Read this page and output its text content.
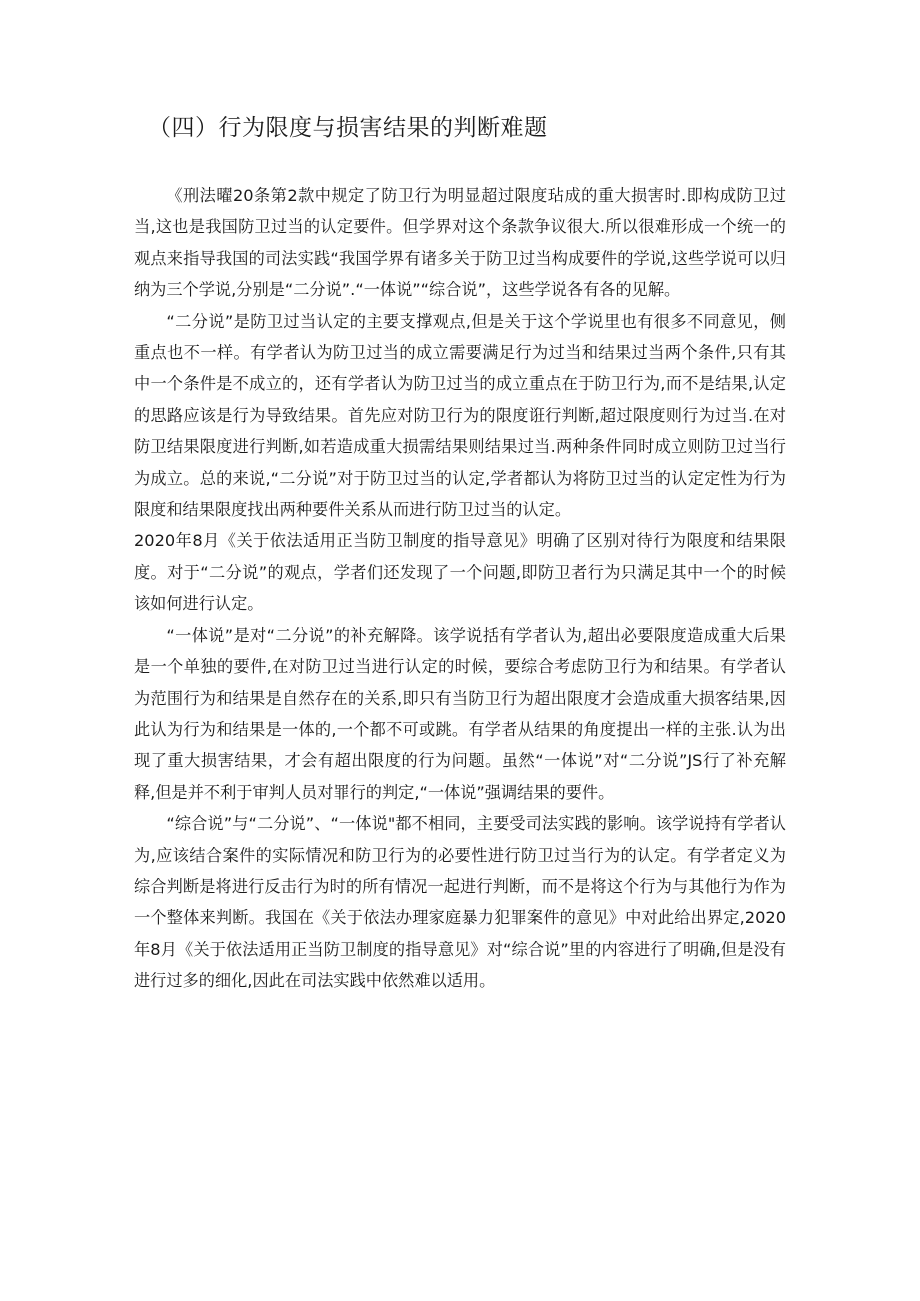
（四）行为限度与损害结果的判断难题

《刑法曜20条第2款中规定了防卫行为明显超过限度玷成的重大损害时.即构成防卫过当,这也是我国防卫过当的认定要件。但学界对这个条款争议很大.所以很难形成一个统一的观点来指导我国的司法实践“我国学界有诸多关于防卫过当构成要件的学说,这些学说可以归纳为三个学说,分别是“二分说”.“一体说”“综合说”，这些学说各有各的见解。

“二分说”是防卫过当认定的主要支撑观点,但是关于这个学说里也有很多不同意见，侧重点也不一样。有学者认为防卫过当的成立需要满足行为过当和结果过当两个条件,只有其中一个条件是不成立的，还有学者认为防卫过当的成立重点在于防卫行为,而不是结果,认定的思路应该是行为导致结果。首先应对防卫行为的限度诳行判断,超过限度则行为过当.在对防卫结果限度进行判断,如若造成重大损需结果则结果过当.两种条件同时成立则防卫过当行为成立。总的来说,“二分说”对于防卫过当的认定,学者都认为将防卫过当的认定定性为行为限度和结果限度找出两种要件关系从而进行防卫过当的认定。

2020年8月《关于依法适用正当防卫制度的指导意见》明确了区别对待行为限度和结果限度。对于“二分说”的观点，学者们还发现了一个问题,即防卫者行为只满足其中一个的时候该如何进行认定。

“一体说”是对“二分说”的补充解降。该学说括有学者认为,超出必要限度造成重大后果是一个单独的要件,在对防卫过当进行认定的时候，要综合考虑防卫行为和结果。有学者认为范围行为和结果是自然存在的关系,即只有当防卫行为超出限度才会造成重大损客结果,因此认为行为和结果是一体的,一个都不可或跳。有学者从结果的角度提出一样的主张.认为出现了重大损害结果，才会有超出限度的行为问题。虽然“一体说”对“二分说”JS行了补充解释,但是并不利于审判人员对罪行的判定,“一体说”强调结果的要件。

“综合说”与“二分说”、“一体说"都不相同，主要受司法实践的影响。该学说持有学者认为,应该结合案件的实际情况和防卫行为的必要性进行防卫过当行为的认定。有学者定义为综合判断是将进行反击行为时的所有情况一起进行判断，而不是将这个行为与其他行为作为一个整体来判断。我国在《关于依法办理家庭暴力犯罪案件的意见》中对此给出界定,2020年8月《关于依法适用正当防卫制度的指导意见》对“综合说”里的内容进行了明确,但是没有进行过多的细化,因此在司法实践中依然难以适用。
